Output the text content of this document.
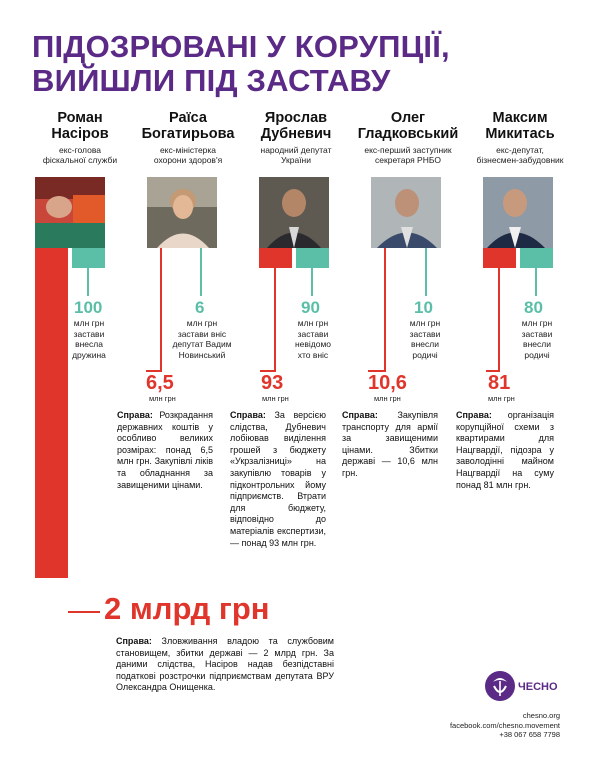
ПІДОЗРЮВАНІ У КОРУПЦІЇ,
ВИЙШЛИ ПІД ЗАСТАВУ
Роман
Насіров
екс-голова
фіскальної служби
Раїса
Богатирьова
екс-міністерка
охорони здоров'я
Ярослав
Дубневич
народний депутат
України
Олег
Гладковський
екс-перший заступник
секретаря РНБО
Максим
Микитась
екс-депутат,
бізнесмен-забудовник
100
млн грн
застави
внесла
дружина
6
млн грн
застави вніс
депутат Вадим
Новинський
90
млн грн
застави
невідомо
хто вніс
10
млн грн
застави
внесли
родичі
80
млн грн
застави
внесли
родичі
6,5
млн грн
93
млн грн
10,6
млн грн
81
млн грн
Справа: Розкрадання державних коштів у особливо великих розмірах: понад 6,5 млн грн. Закупівлі ліків та обладнання за завищеними цінами.
Справа: За версією слідства, Дубневич лобіював виділення грошей з бюджету «Укрзалізниці» на закупівлю товарів у підконтрольних йому підприємств. Втрати для бюджету, відповідно до матеріалів експертизи, — понад 93 млн грн.
Справа: Закупівля транспорту для армії за завищеними цінами. Збитки державі — 10,6 млн грн.
Справа: організація корупційної схеми з квартирами для Нацгвардії, підозра у заволодінні майном Нацгвардії на суму понад 81 млн грн.
2 млрд грн
Справа: Зловживання владою та службовим становищем, збитки державі — 2 млрд грн. За даними слідства, Насіров надав безпідставні податкові розстрочки підприємствам депутата ВРУ Олександра Онищенка.	ЧЕСНО
chesno.org
facebook.com/chesno.movement
+38 067 658 7798
